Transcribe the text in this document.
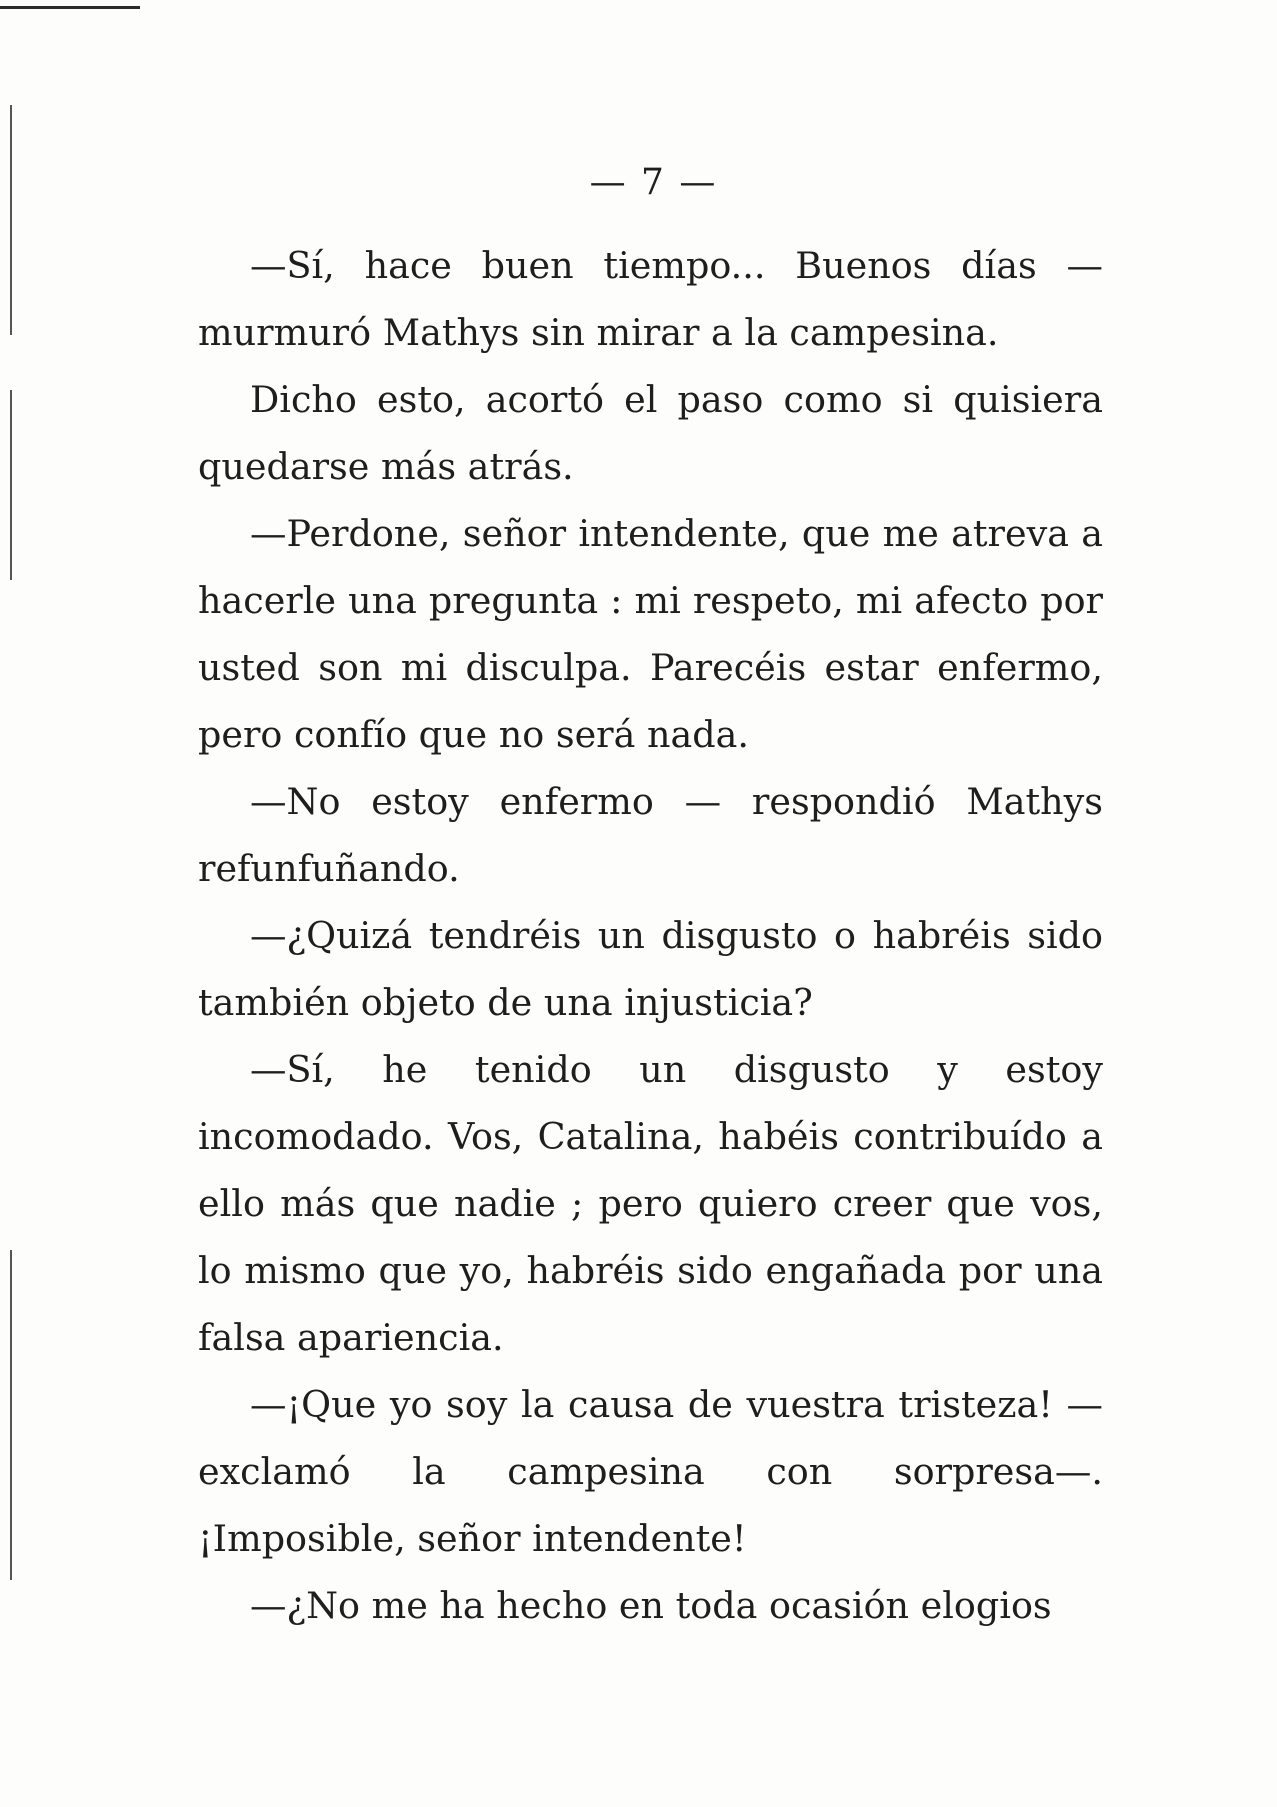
— 7 —

—Sí, hace buen tiempo... Buenos días — murmuró Mathys sin mirar a la campesina.

Dicho esto, acortó el paso como si quisiera quedarse más atrás.

—Perdone, señor intendente, que me atreva a hacerle una pregunta : mi respeto, mi afecto por usted son mi disculpa. Parecéis estar enfermo, pero confío que no será nada.

—No estoy enfermo — respondió Mathys refunfuñando.

—¿Quizá tendréis un disgusto o habréis sido también objeto de una injusticia?

—Sí, he tenido un disgusto y estoy incomodado. Vos, Catalina, habéis contribuído a ello más que nadie ; pero quiero creer que vos, lo mismo que yo, habréis sido engañada por una falsa apariencia.

—¡Que yo soy la causa de vuestra tristeza! — exclamó la campesina con sorpresa—. ¡Imposible, señor intendente!

—¿No me ha hecho en toda ocasión elogios
